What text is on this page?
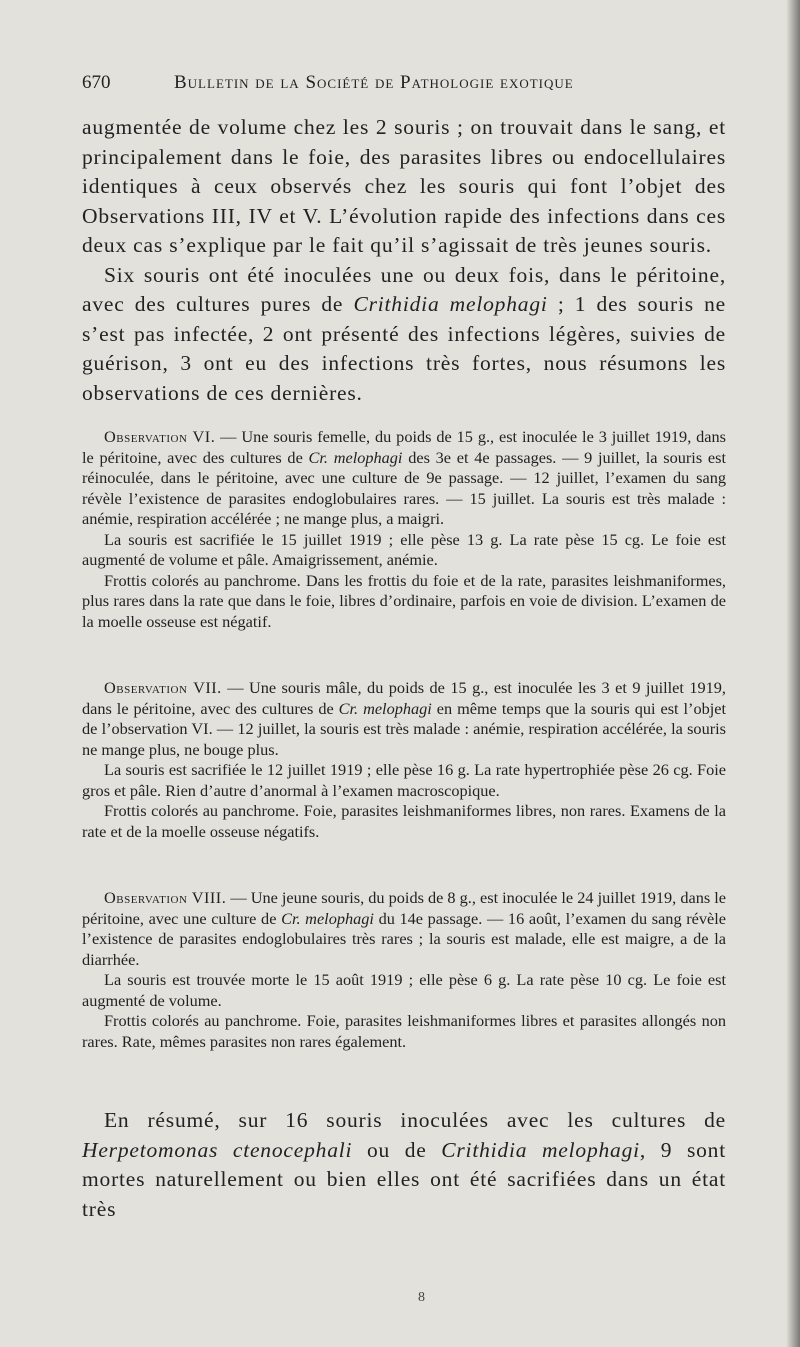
670	Bulletin de la Société de Pathologie exotique

augmentée de volume chez les 2 souris ; on trouvait dans le sang, et principalement dans le foie, des parasites libres ou endocellulaires identiques à ceux observés chez les souris qui font l’objet des Observations III, IV et V. L’évolution rapide des infections dans ces deux cas s’explique par le fait qu’il s’agissait de très jeunes souris.

Six souris ont été inoculées une ou deux fois, dans le péritoine, avec des cultures pures de Crithidia melophagi ; 1 des souris ne s’est pas infectée, 2 ont présenté des infections légères, suivies de guérison, 3 ont eu des infections très fortes, nous résumons les observations de ces dernières.

Observation VI. — Une souris femelle, du poids de 15 g., est inoculée le 3 juillet 1919, dans le péritoine, avec des cultures de Cr. melophagi des 3e et 4e passages. — 9 juillet, la souris est réinoculée, dans le péritoine, avec une culture de 9e passage. — 12 juillet, l’examen du sang révèle l’existence de parasites endoglobulaires rares. — 15 juillet. La souris est très malade : anémie, respiration accélérée ; ne mange plus, a maigri.

La souris est sacrifiée le 15 juillet 1919 ; elle pèse 13 g. La rate pèse 15 cg. Le foie est augmenté de volume et pâle. Amaigrissement, anémie.

Frottis colorés au panchrome. Dans les frottis du foie et de la rate, parasites leishmaniformes, plus rares dans la rate que dans le foie, libres d’ordinaire, parfois en voie de division. L’examen de la moelle osseuse est négatif.

Observation VII. — Une souris mâle, du poids de 15 g., est inoculée les 3 et 9 juillet 1919, dans le péritoine, avec des cultures de Cr. melophagi en même temps que la souris qui est l’objet de l’observation VI. — 12 juillet, la souris est très malade : anémie, respiration accélérée, la souris ne mange plus, ne bouge plus.

La souris est sacrifiée le 12 juillet 1919 ; elle pèse 16 g. La rate hypertrophiée pèse 26 cg. Foie gros et pâle. Rien d’autre d’anormal à l’examen macroscopique.

Frottis colorés au panchrome. Foie, parasites leishmaniformes libres, non rares. Examens de la rate et de la moelle osseuse négatifs.

Observation VIII. — Une jeune souris, du poids de 8 g., est inoculée le 24 juillet 1919, dans le péritoine, avec une culture de Cr. melophagi du 14e passage. — 16 août, l’examen du sang révèle l’existence de parasites endoglobulaires très rares ; la souris est malade, elle est maigre, a de la diarrhée.

La souris est trouvée morte le 15 août 1919 ; elle pèse 6 g. La rate pèse 10 cg. Le foie est augmenté de volume.

Frottis colorés au panchrome. Foie, parasites leishmaniformes libres et parasites allongés non rares. Rate, mêmes parasites non rares également.

En résumé, sur 16 souris inoculées avec les cultures de Herpetomonas ctenocephali ou de Crithidia melophagi, 9 sont mortes naturellement ou bien elles ont été sacrifiées dans un état très

8
